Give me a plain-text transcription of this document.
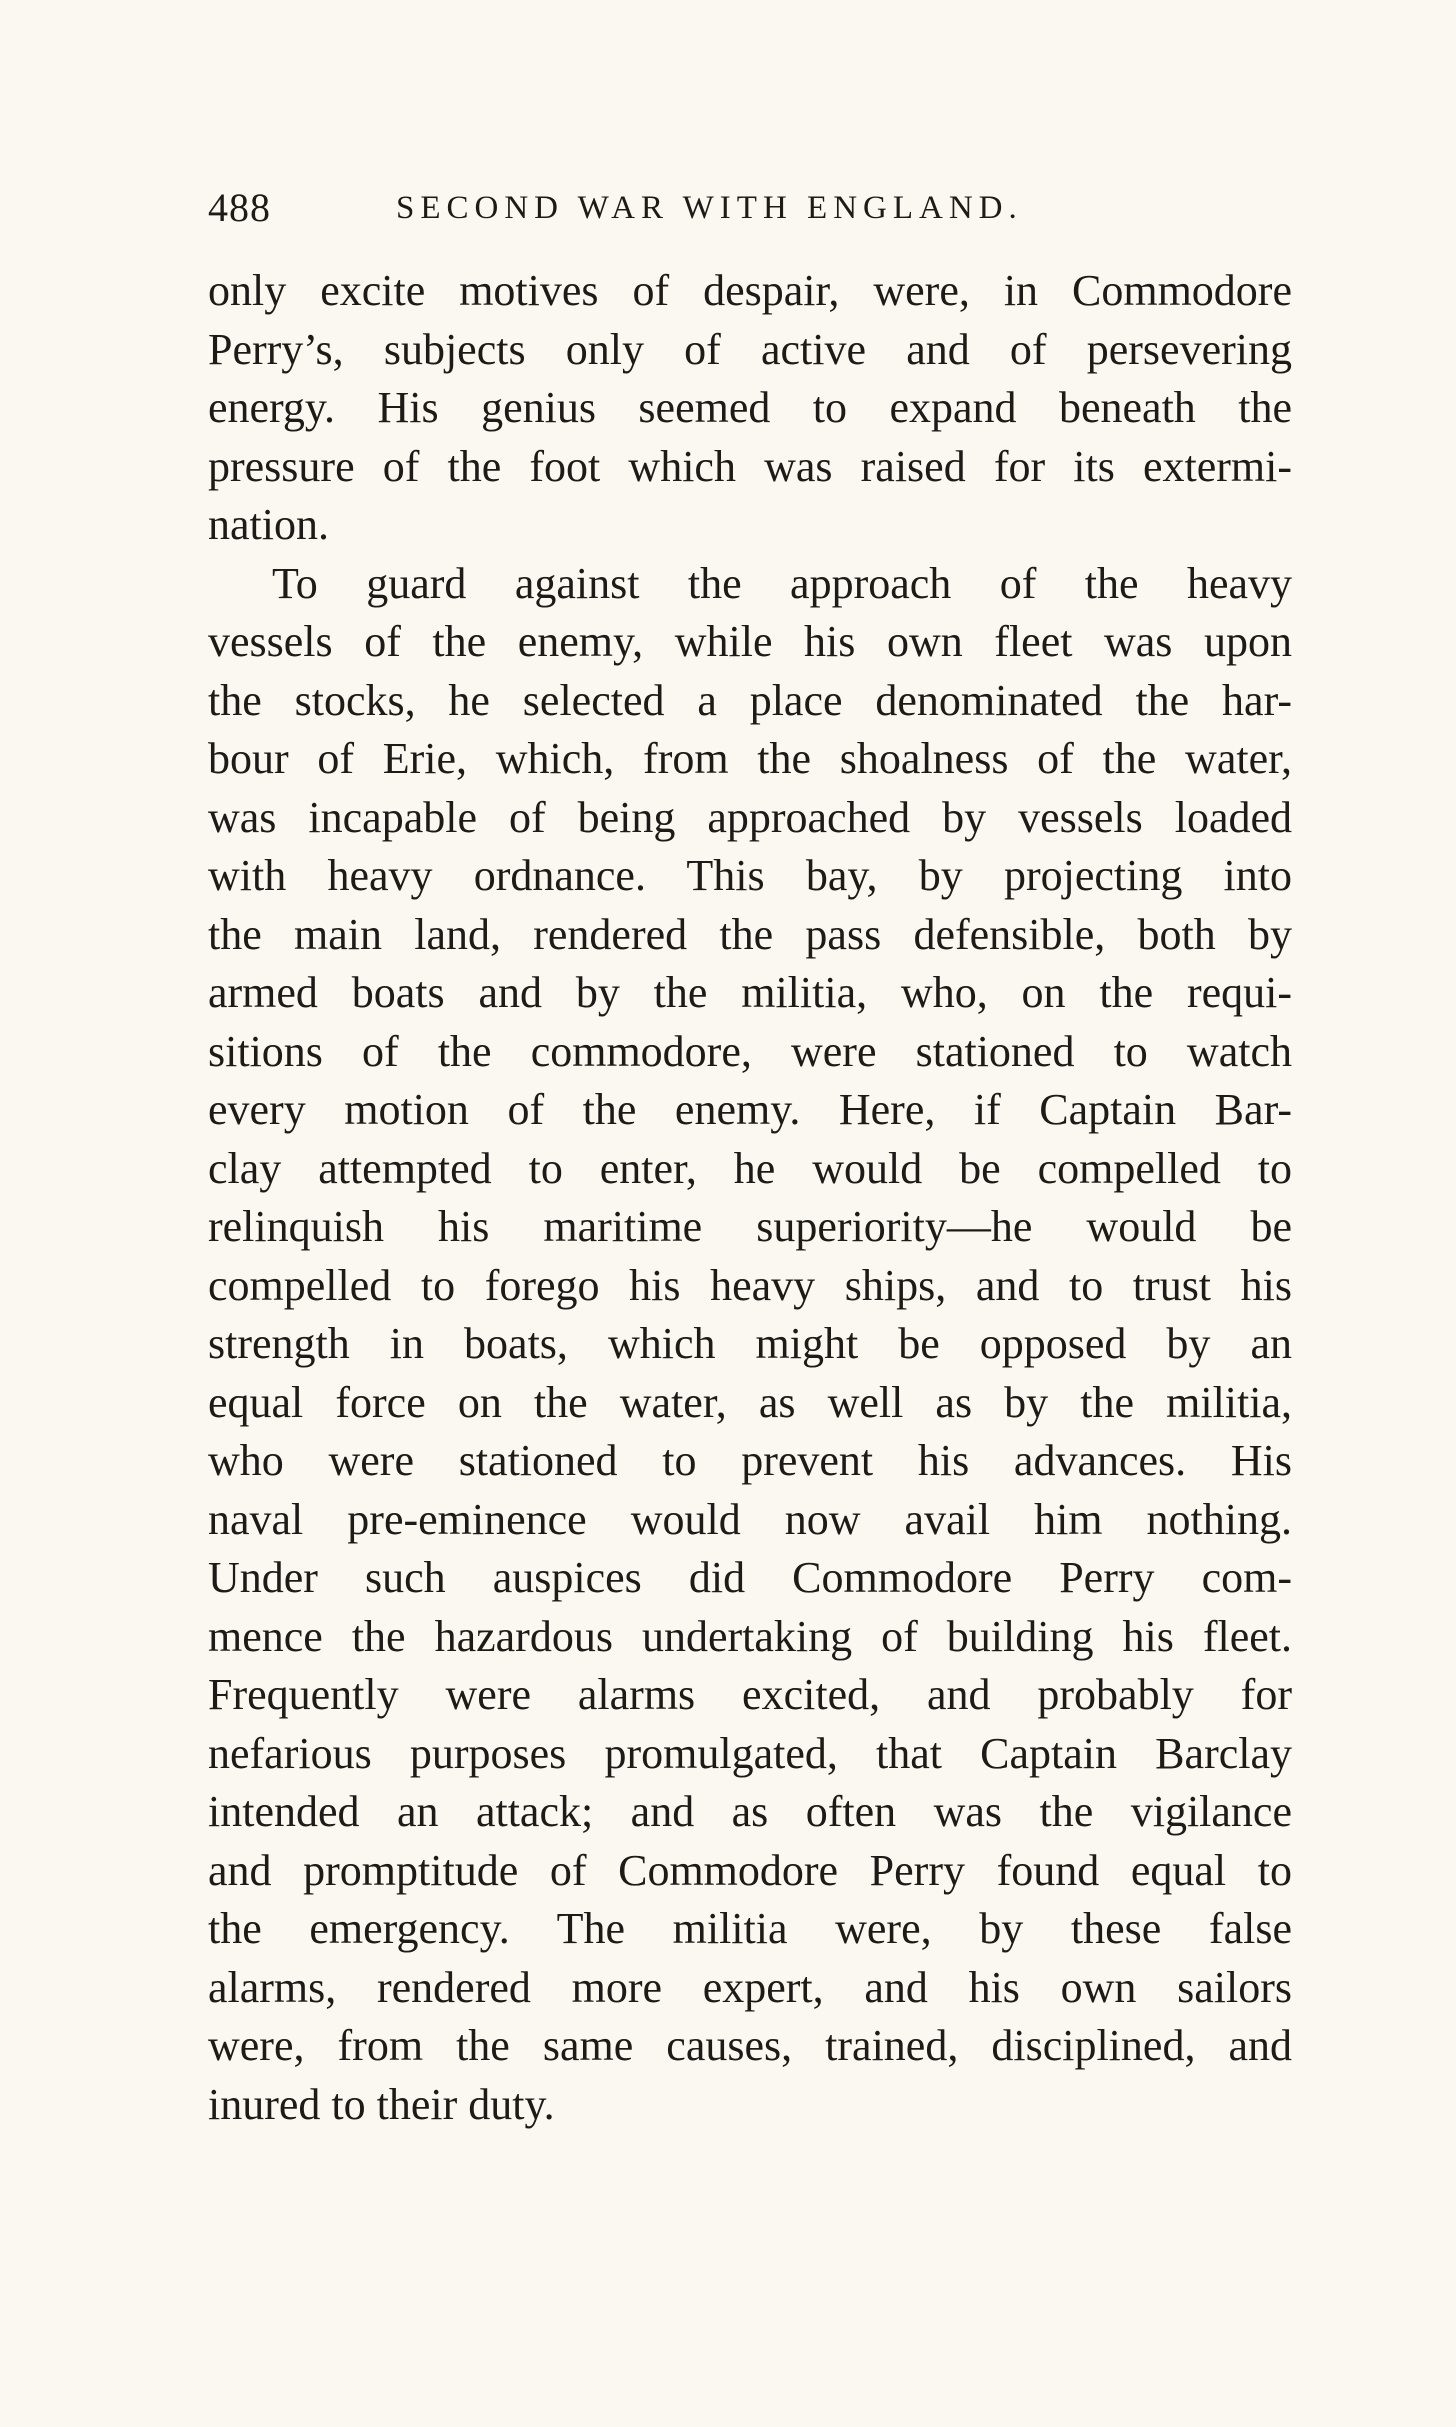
488	SECOND WAR WITH ENGLAND.
only excite motives of despair, were, in Commodore
Perry’s, subjects only of active and of persevering
energy. His genius seemed to expand beneath the
pressure of the foot which was raised for its extermi-
nation.
To guard against the approach of the heavy
vessels of the enemy, while his own fleet was upon
the stocks, he selected a place denominated the har-
bour of Erie, which, from the shoalness of the water,
was incapable of being approached by vessels loaded
with heavy ordnance. This bay, by projecting into
the main land, rendered the pass defensible, both by
armed boats and by the militia, who, on the requi-
sitions of the commodore, were stationed to watch
every motion of the enemy. Here, if Captain Bar-
clay attempted to enter, he would be compelled to
relinquish his maritime superiority—he would be
compelled to forego his heavy ships, and to trust his
strength in boats, which might be opposed by an
equal force on the water, as well as by the militia,
who were stationed to prevent his advances. His
naval pre-eminence would now avail him nothing.
Under such auspices did Commodore Perry com-
mence the hazardous undertaking of building his fleet.
Frequently were alarms excited, and probably for
nefarious purposes promulgated, that Captain Barclay
intended an attack; and as often was the vigilance
and promptitude of Commodore Perry found equal to
the emergency. The militia were, by these false
alarms, rendered more expert, and his own sailors
were, from the same causes, trained, disciplined, and
inured to their duty.
